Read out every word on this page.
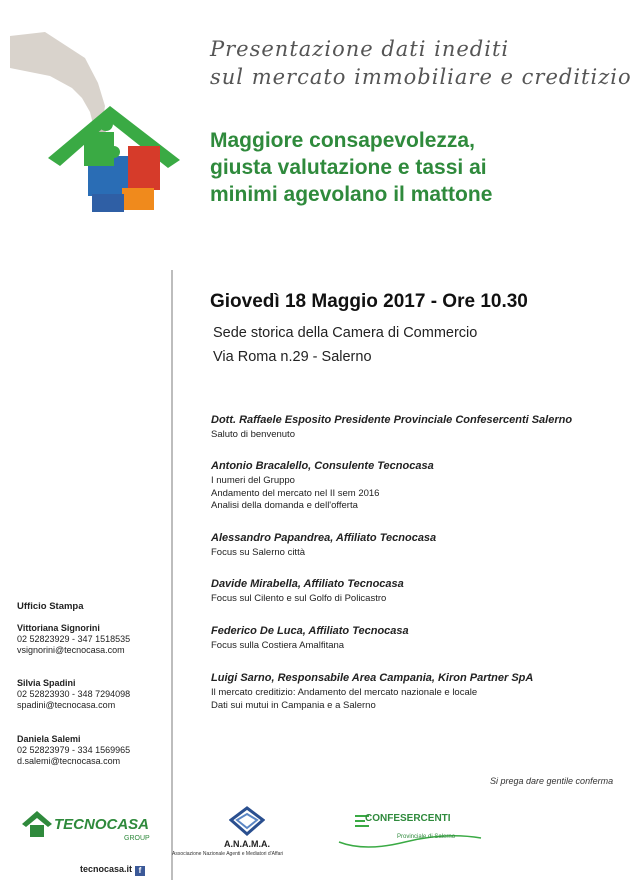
Presentazione dati inediti
sul mercato immobiliare e creditizio
Maggiore consapevolezza,
giusta valutazione e tassi ai
minimi agevolano il mattone
Giovedì 18 Maggio 2017 - Ore 10.30
Sede storica della Camera di Commercio
Via Roma n.29 - Salerno
Dott. Raffaele Esposito Presidente Provinciale Confesercenti Salerno
Saluto di benvenuto
Antonio Bracalello, Consulente Tecnocasa
I numeri del Gruppo
Andamento del mercato nel II sem 2016
Analisi della domanda e dell'offerta
Alessandro Papandrea, Affiliato Tecnocasa
Focus su Salerno città
Davide Mirabella, Affiliato Tecnocasa
Focus sul Cilento e sul Golfo di Policastro
Federico De Luca, Affiliato Tecnocasa
Focus sulla Costiera Amalfitana
Luigi Sarno, Responsabile Area Campania, Kiron Partner SpA
Il mercato creditizio: Andamento del mercato nazionale e locale
Dati sui mutui in Campania e a Salerno
Si prega dare gentile conferma
Ufficio Stampa
Vittoriana Signorini
02 52823929 - 347 1518535
vsignorini@tecnocasa.com
Silvia Spadini
02 52823930 - 348 7294098
spadini@tecnocasa.com
Daniela Salemi
02 52823979 - 334 1569965
d.salemi@tecnocasa.com
TECNOCASA
GROUP
tecnocasa.it f
A.N.A.M.A.
Associazione Nazionale Agenti e Mediatori d'Affari
CONFESERCENTI
Provinciale di Salerno
